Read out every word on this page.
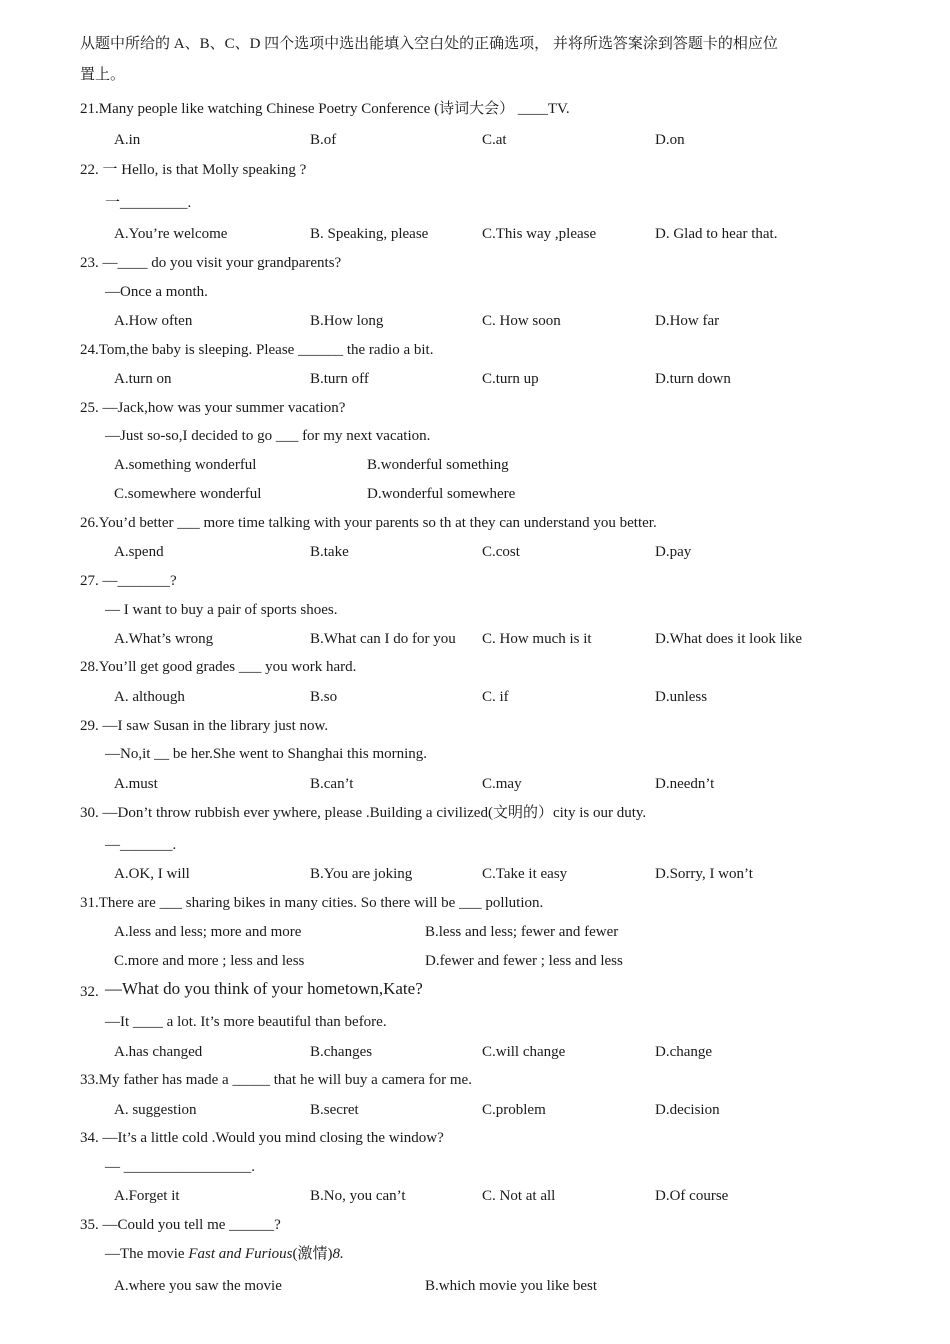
从题中所给的 A、B、C、D 四个选项中选出能填入空白处的正确选项， 并将所选答案涂到答题卡的相应位
置上。
21.Many people like watching Chinese Poetry Conference (诗词大会） ____TV.
A.in	B.of	C.at	D.on
22. 一 Hello, is that Molly speaking ?
一_________.
A.You’re welcome	B. Speaking, please	C.This way ,please	D. Glad to hear that.
23. —____ do you visit your grandparents?
—Once a month.
A.How often	B.How long	C. How soon	D.How far
24.Tom,the baby is sleeping. Please ______ the radio a bit.
A.turn on	B.turn off	C.turn up	D.turn down
25. —Jack,how was your summer vacation?
—Just so-so,I decided to go ___ for my next vacation.
A.something wonderful	B.wonderful something
C.somewhere wonderful	D.wonderful somewhere
26.You’d better ___ more time talking with your parents so th at they can understand you better.
A.spend	B.take	C.cost	D.pay
27. —_______?
— I want to buy a pair of sports shoes.
A.What’s wrong	B.What can I do for you C. How much is it	D.What does it look like
28.You’ll get good grades ___ you work hard.
A. although	B.so	C. if	D.unless
29. —I saw Susan in the library just now.
—No,it __ be her.She went to Shanghai this morning.
A.must	B.can’t	C.may	D.needn’t
30. —Don’t throw rubbish ever ywhere, please .Building a civilized(文明的）city is our duty.
—_______.
A.OK, I will	B.You are joking	C.Take it easy	D.Sorry, I won’t
31.There are ___ sharing bikes in many cities. So there will be ___ pollution.
A.less and less; more and more	B.less and less; fewer and fewer
C.more and more ; less and less	D.fewer and fewer ; less and less
32. —What do you think of your hometown,Kate?
—It ____ a lot. It’s more beautiful than before.
A.has changed	B.changes	C.will change	D.change
33.My father has made a _____ that he will buy a camera for me.
A. suggestion	B.secret	C.problem	D.decision
34. —It’s a little cold .Would you mind closing the window?
— _________________.
A.Forget it	B.No, you can’t	C. Not at all	D.Of course
35. —Could you tell me ______?
—The movie Fast and Furious(激情)8.
A.where you saw the movie	B.which movie you like best
